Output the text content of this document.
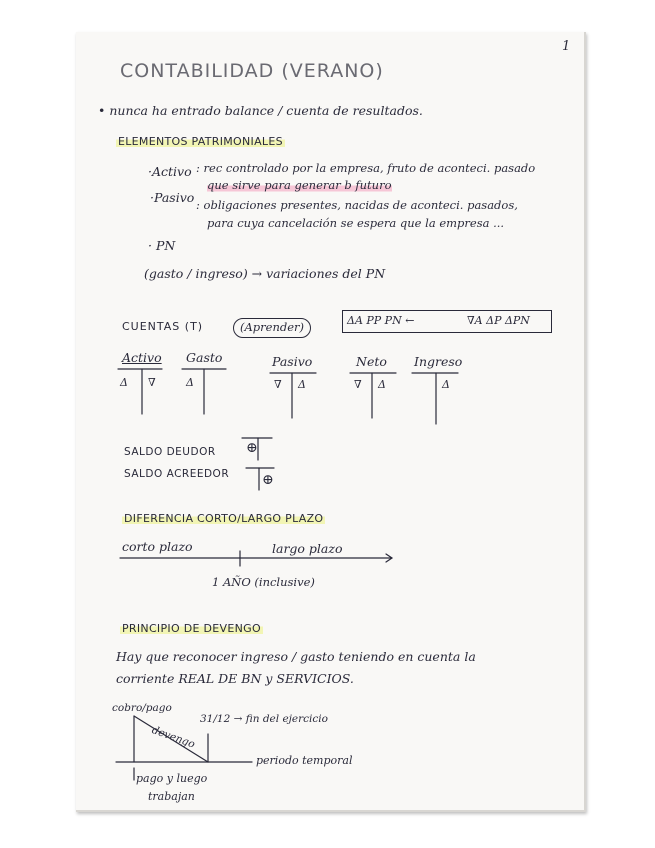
1
CONTABILIDAD (VERANO)
• nunca ha entrado balance / cuenta de resultados.
ELEMENTOS PATRIMONIALES
·Activo : rec controlado por la empresa, fruto de aconteci. pasado
que sirve para generar b futuro
·Pasivo : obligaciones presentes, nacidas de aconteci. pasados,
para cuya cancelación se espera que la empresa ...
· PN
(gasto / ingreso) → variaciones del PN
CUENTAS (T)	(Aprender)	ΔA PP PN ←	∇A ΔP ΔPN
Activo Gasto	Pasivo	Neto Ingreso
Δ ∇	Δ	∇ Δ	∇ Δ	Δ
SALDO DEUDOR ⊕
SALDO ACREEDOR ⊕
DIFERENCIA CORTO/LARGO PLAZO
corto plazo	largo plazo
1 AÑO (inclusive)
PRINCIPIO DE DEVENGO
Hay que reconocer ingreso / gasto teniendo en cuenta la
corriente REAL DE BN y SERVICIOS.
cobro/pago
devengo
31/12 → fin del ejercicio
periodo temporal
pago y luego
trabajan
